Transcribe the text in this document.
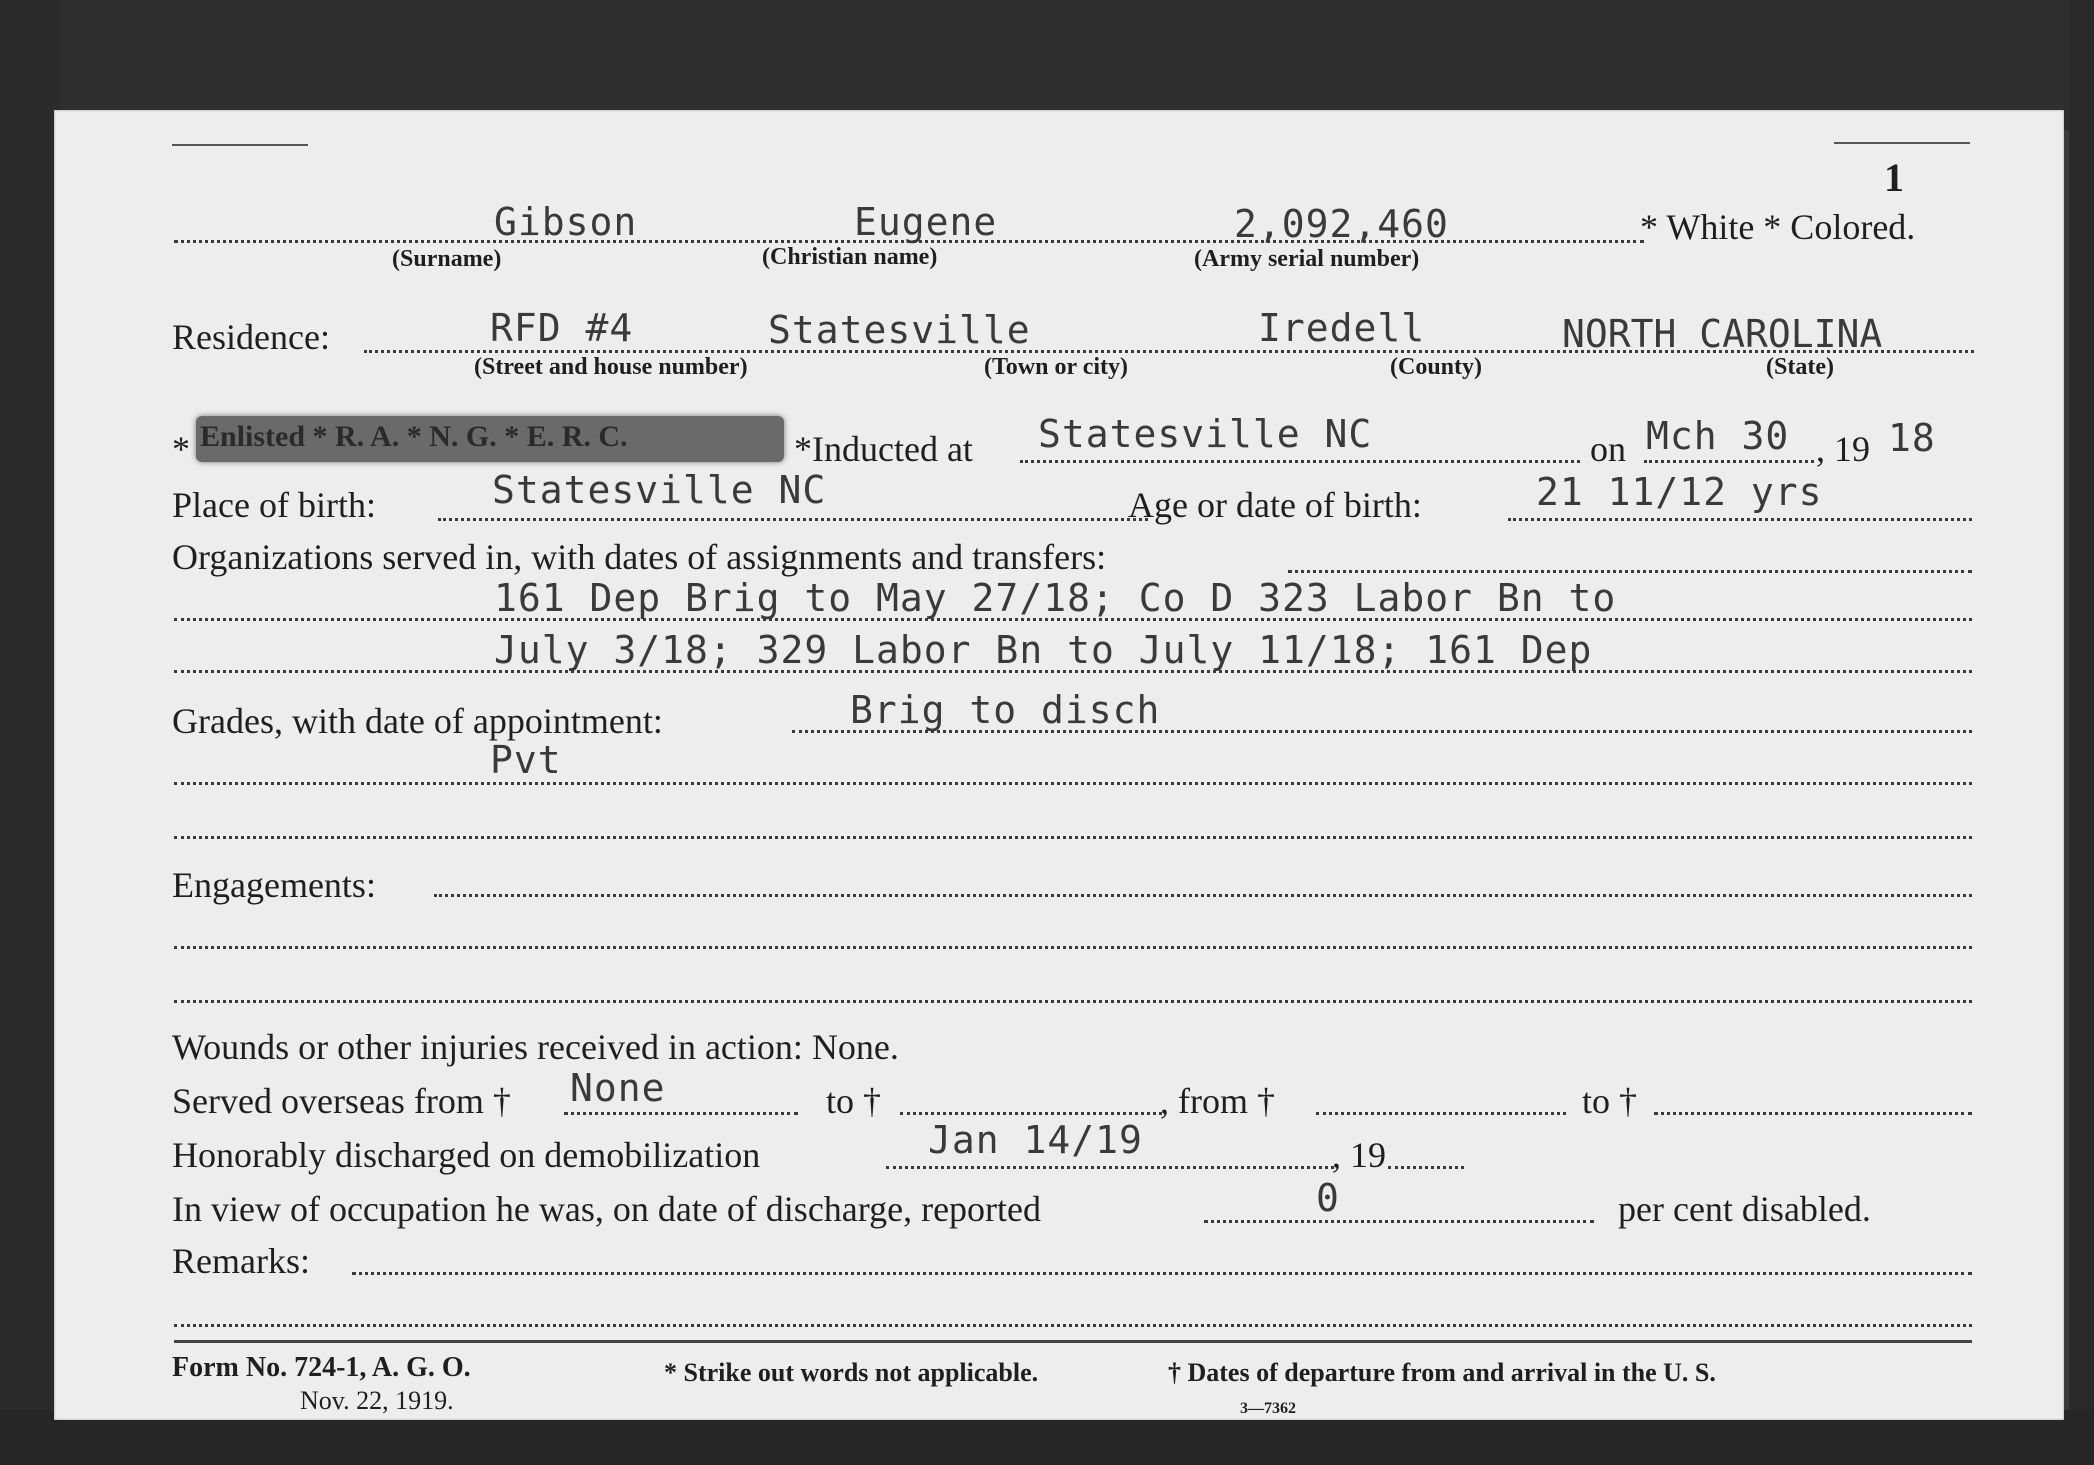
1
Gibson	Eugene	2,092,460	* White * Colored.
(Surname)	(Christian name)	(Army serial number)
Residence:	RFD #4	Statesville	Iredell	NORTH CAROLINA
(Street and house number)	(Town or city)	(County)	(State)
* Enlisted * R. A. * N. G. * E. R. C.	*Inducted at Statesville NC	on Mch 30 , 19 18
Place of birth:	Statesville NC	Age or date of birth:	21 11/12 yrs
Organizations served in, with dates of assignments and transfers:
161 Dep Brig to May 27/18; Co D 323 Labor Bn to
July 3/18; 329 Labor Bn to July 11/18; 161 Dep
Grades, with date of appointment:	Brig to disch
Pvt
Engagements:
Wounds or other injuries received in action: None.
Served overseas from † None	to †	, from †	to †
Honorably discharged on demobilization	Jan 14/19	, 19
In view of occupation he was, on date of discharge, reported	0	per cent disabled.
Remarks:
Form No. 724-1, A. G. O.
Nov. 22, 1919.
* Strike out words not applicable.	† Dates of departure from and arrival in the U. S.
3—7362
